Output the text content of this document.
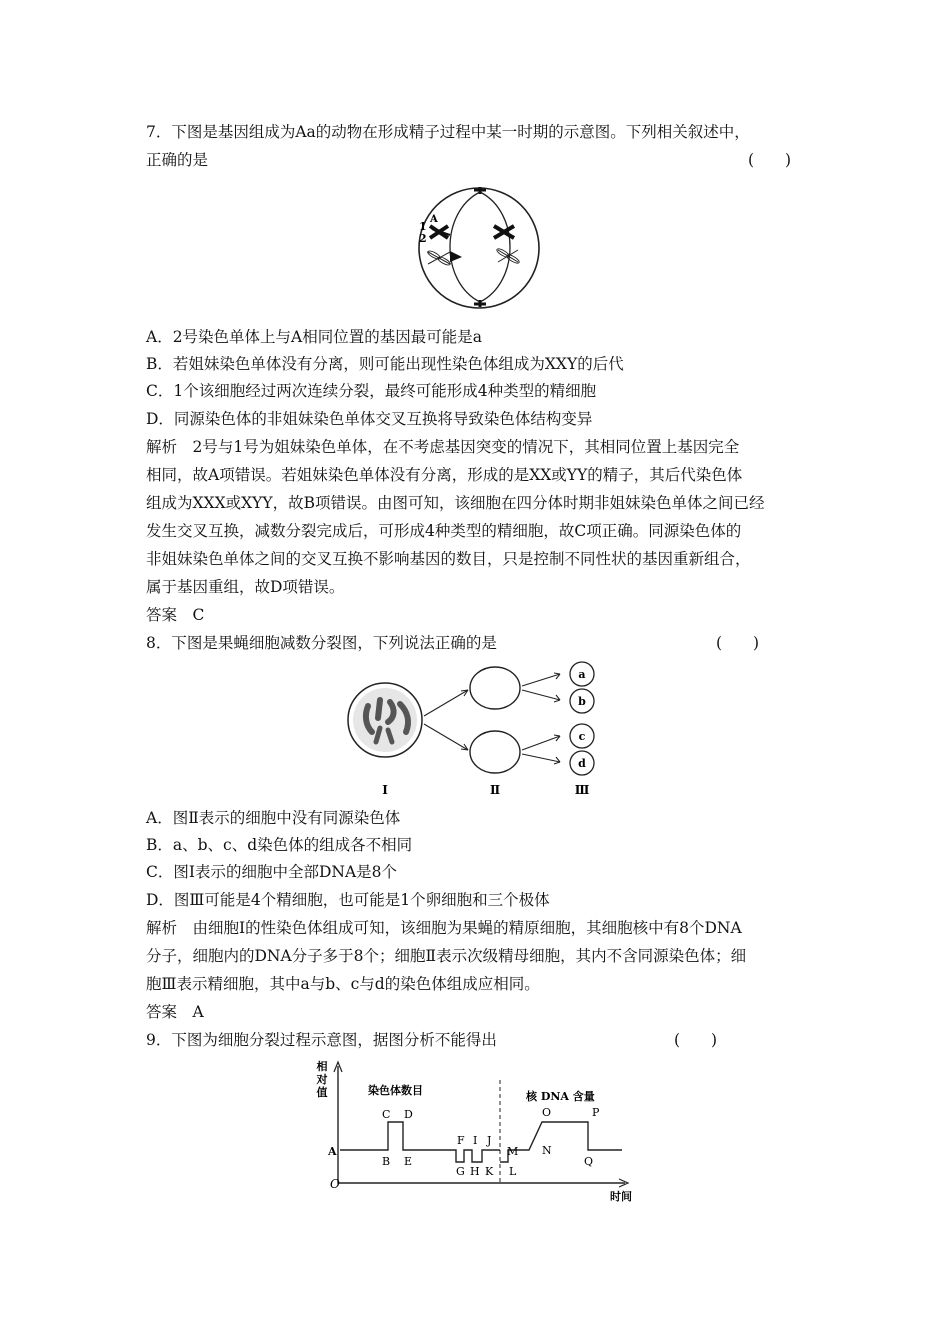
7．下图是基因组成为Aa的动物在形成精子过程中某一时期的示意图。下列相关叙述中，
正确的是	(　　)
A
1
2
A．2号染色单体上与A相同位置的基因最可能是a
B．若姐妹染色单体没有分离，则可能出现性染色体组成为XXY的后代
C．1个该细胞经过两次连续分裂，最终可能形成4种类型的精细胞
D．同源染色体的非姐妹染色单体交叉互换将导致染色体结构变异
解析　2号与1号为姐妹染色单体，在不考虑基因突变的情况下，其相同位置上基因完全
相同，故A项错误。若姐妹染色单体没有分离，形成的是XX或YY的精子，其后代染色体
组成为XXX或XYY，故B项错误。由图可知，该细胞在四分体时期非姐妹染色单体之间已经
发生交叉互换，减数分裂完成后，可形成4种类型的精细胞，故C项正确。同源染色体的
非姐妹染色单体之间的交叉互换不影响基因的数目，只是控制不同性状的基因重新组合，
属于基因重组，故D项错误。
答案　C
8．下图是果蝇细胞减数分裂图，下列说法正确的是	(　　)
a
b
c
d
Ⅰ	Ⅱ	Ⅲ
A．图Ⅱ表示的细胞中没有同源染色体
B．a、b、c、d染色体的组成各不相同
C．图Ⅰ表示的细胞中全部DNA是8个
D．图Ⅲ可能是4个精细胞，也可能是1个卵细胞和三个极体
解析　由细胞Ⅰ的性染色体组成可知，该细胞为果蝇的精原细胞，其细胞核中有8个DNA
分子，细胞内的DNA分子多于8个；细胞Ⅱ表示次级精母细胞，其内不含同源染色体；细
胞Ⅲ表示精细胞，其中a与b、c与d的染色体组成应相同。
答案　A
9．下图为细胞分裂过程示意图，据图分析不能得出	(　　)
相
对
值
O
A
时间
染色体数目	核 DNA 含量
C D
B E
F
G H
I J
K L
M N
O	P
Q
